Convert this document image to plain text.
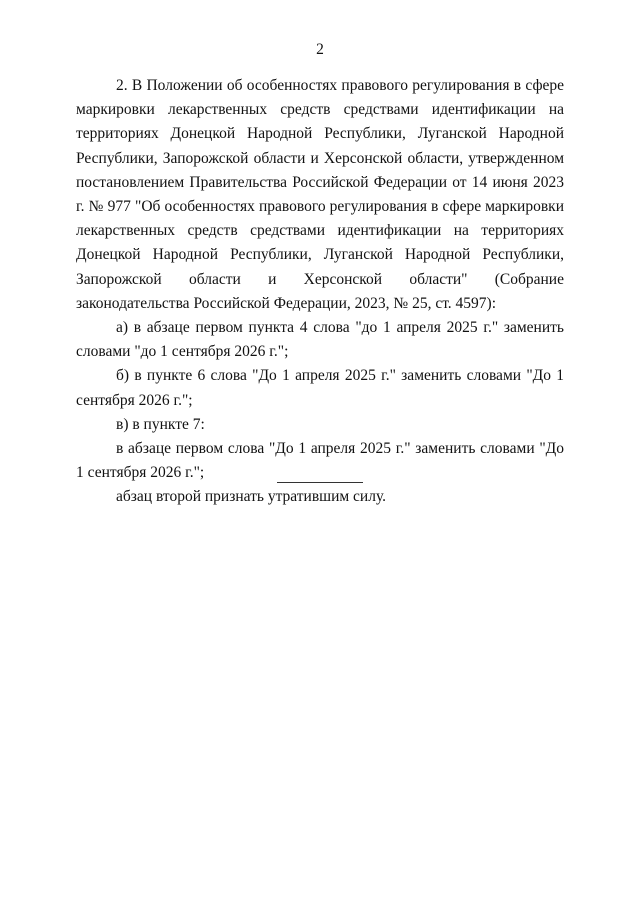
2

2. В Положении об особенностях правового регулирования в сфере маркировки лекарственных средств средствами идентификации на территориях Донецкой Народной Республики, Луганской Народной Республики, Запорожской области и Херсонской области, утвержденном постановлением Правительства Российской Федерации от 14 июня 2023 г. № 977 "Об особенностях правового регулирования в сфере маркировки лекарственных средств средствами идентификации на территориях Донецкой Народной Республики, Луганской Народной Республики, Запорожской области и Херсонской области" (Собрание законодательства Российской Федерации, 2023, № 25, ст. 4597):

а) в абзаце первом пункта 4 слова "до 1 апреля 2025 г." заменить словами "до 1 сентября 2026 г.";

б) в пункте 6 слова "До 1 апреля 2025 г." заменить словами "До 1 сентября 2026 г.";

в) в пункте 7:

в абзаце первом слова "До 1 апреля 2025 г." заменить словами "До 1 сентября 2026 г.";

абзац второй признать утратившим силу.
